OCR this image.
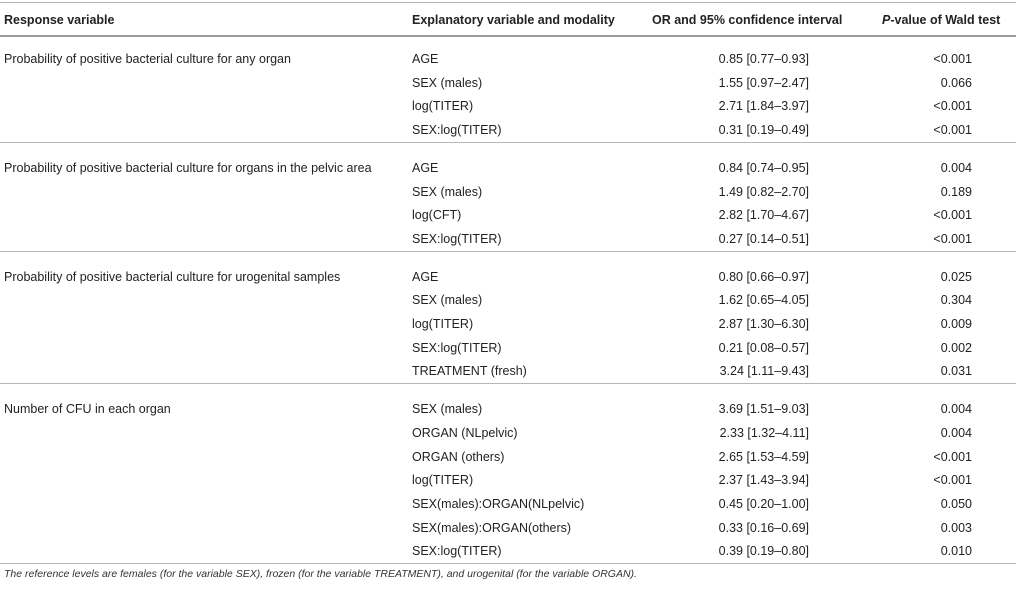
Response variable	Explanatory variable and modality	OR and 95% confidence interval	P-value of Wald test
Probability of positive bacterial culture for any organ	AGE	0.85 [0.77–0.93]	<0.001
SEX (males)	1.55 [0.97–2.47]	0.066
log(TITER)	2.71 [1.84–3.97]	<0.001
SEX:log(TITER)	0.31 [0.19–0.49]	<0.001
Probability of positive bacterial culture for organs in the pelvic area	AGE	0.84 [0.74–0.95]	0.004
SEX (males)	1.49 [0.82–2.70]	0.189
log(CFT)	2.82 [1.70–4.67]	<0.001
SEX:log(TITER)	0.27 [0.14–0.51]	<0.001
Probability of positive bacterial culture for urogenital samples	AGE	0.80 [0.66–0.97]	0.025
SEX (males)	1.62 [0.65–4.05]	0.304
log(TITER)	2.87 [1.30–6.30]	0.009
SEX:log(TITER)	0.21 [0.08–0.57]	0.002
TREATMENT (fresh)	3.24 [1.11–9.43]	0.031
Number of CFU in each organ	SEX (males)	3.69 [1.51–9.03]	0.004
ORGAN (NLpelvic)	2.33 [1.32–4.11]	0.004
ORGAN (others)	2.65 [1.53–4.59]	<0.001
log(TITER)	2.37 [1.43–3.94]	<0.001
SEX(males):ORGAN(NLpelvic)	0.45 [0.20–1.00]	0.050
SEX(males):ORGAN(others)	0.33 [0.16–0.69]	0.003
SEX:log(TITER)	0.39 [0.19–0.80]	0.010
The reference levels are females (for the variable SEX), frozen (for the variable TREATMENT), and urogenital (for the variable ORGAN).
